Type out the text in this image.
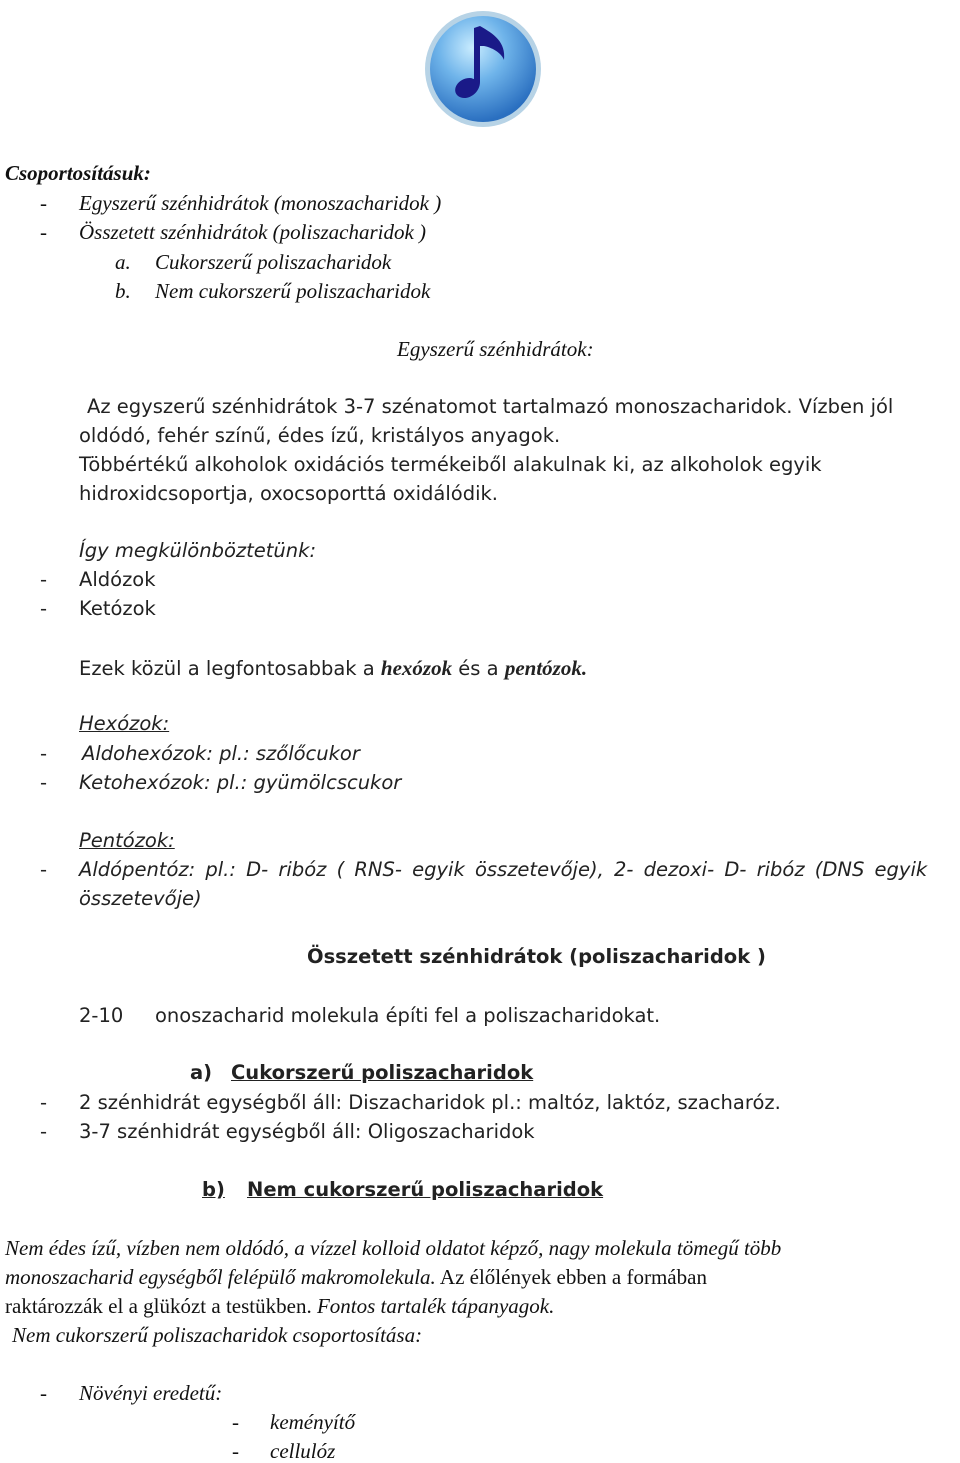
Csoportosításuk:
- Egyszerű szénhidrátok (monoszacharidok )
- Összetett szénhidrátok (poliszacharidok )
a. Cukorszerű poliszacharidok
b. Nem cukorszerű poliszacharidok
Egyszerű szénhidrátok:
Az egyszerű szénhidrátok 3-7 szénatomot tartalmazó monoszacharidok. Vízben jól
oldódó, fehér színű, édes ízű, kristályos anyagok.
Többértékű alkoholok oxidációs termékeiből alakulnak ki, az alkoholok egyik
hidroxidcsoportja, oxocsoporttá oxidálódik.
Így megkülönböztetünk:
- Aldózok
- Ketózok
Ezek közül a legfontosabbak a hexózok és a pentózok.
Hexózok:
- Aldohexózok: pl.: szőlőcukor
- Ketohexózok: pl.: gyümölcscukor
Pentózok:
- Aldópentóz: pl.: D- ribóz ( RNS- egyik összetevője), 2- dezoxi- D- ribóz (DNS egyik
összetevője)
Összetett szénhidrátok (poliszacharidok )
2-10 onoszacharid molekula építi fel a poliszacharidokat.
a) Cukorszerű poliszacharidok
- 2 szénhidrát egységből áll: Diszacharidok pl.: maltóz, laktóz, szacharóz.
- 3-7 szénhidrát egységből áll: Oligoszacharidok
b) Nem cukorszerű poliszacharidok
Nem édes ízű, vízben nem oldódó, a vízzel kolloid oldatot képző, nagy molekula tömegű több
monoszacharid egységből felépülő makromolekula. Az élőlények ebben a formában
raktározzák el a glükózt a testükben. Fontos tartalék tápanyagok.
Nem cukorszerű poliszacharidok csoportosítása:
- Növényi eredetű:
- keményítő
- cellulóz
